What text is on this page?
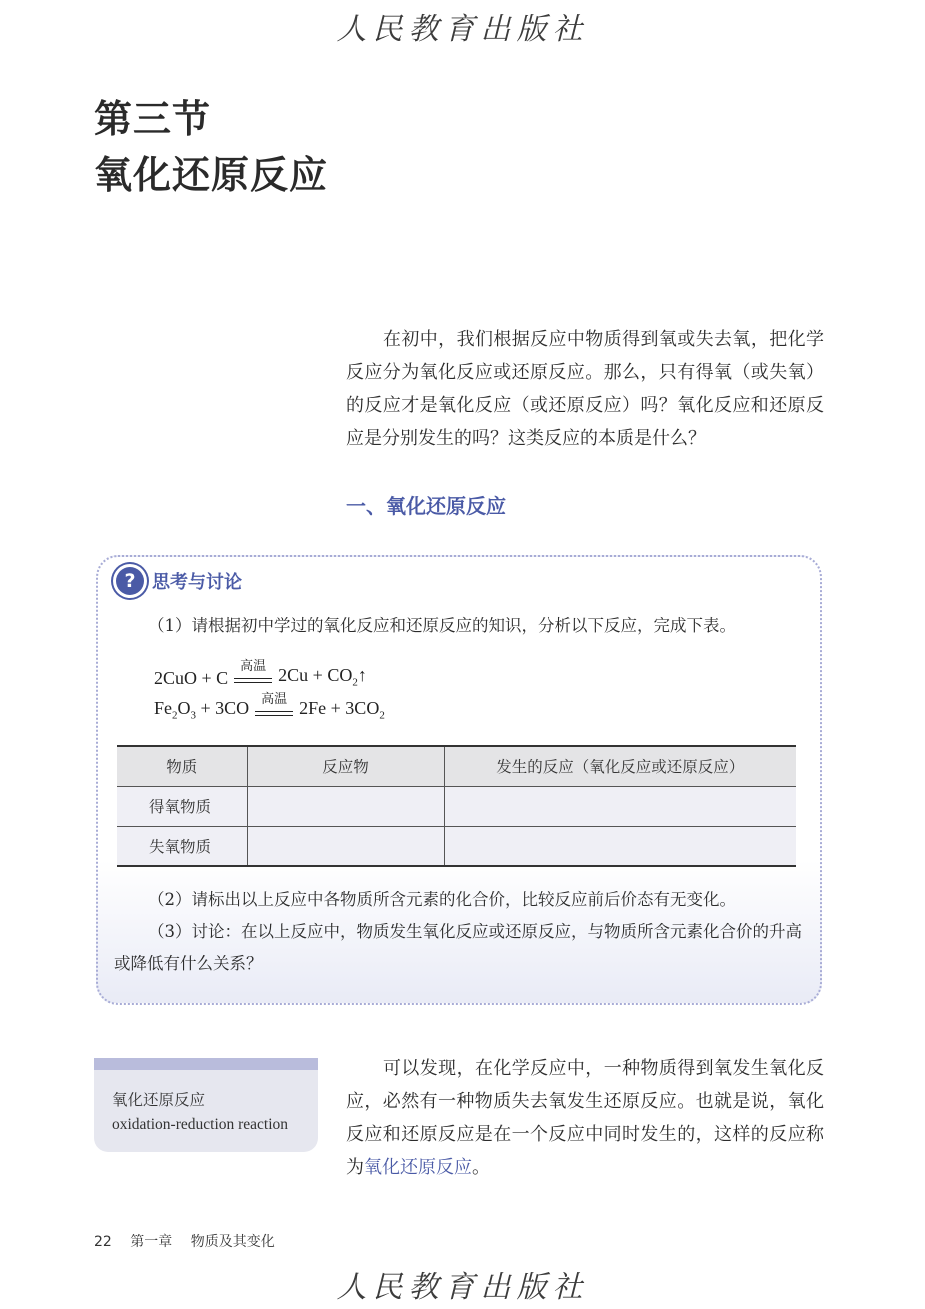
人民教育出版社
第三节
氧化还原反应

在初中，我们根据反应中物质得到氧或失去氧，把化学反应分为氧化反应或还原反应。那么，只有得氧（或失氧）的反应才是氧化反应（或还原反应）吗？氧化反应和还原反应是分别发生的吗？这类反应的本质是什么？

一、氧化还原反应
? 思考与讨论
（1）请根据初中学过的氧化反应和还原反应的知识，分析以下反应，完成下表。
2CuO + C
高温 $2Cu + CO_2↑$
$Fe_2O_3 + 3CO$ 高温 $2Fe + 3CO_2$
物质	反应物	发生的反应（氧化反应或还原反应）
得氧物质		
失氧物质		
（2）请标出以上反应中各物质所含元素的化合价，比较反应前后价态有无变化。
（3）讨论：在以上反应中，物质发生氧化反应或还原反应，与物质所含元素化合价的升高或降低有什么关系？
氧化还原反应
oxidation-reduction reaction

可以发现，在化学反应中，一种物质得到氧发生氧化反应，必然有一种物质失去氧发生还原反应。也就是说，氧化反应和还原反应是在一个反应中同时发生的，这样的反应称为氧化还原反应。

22 第一章 物质及其变化
人民教育出版社
